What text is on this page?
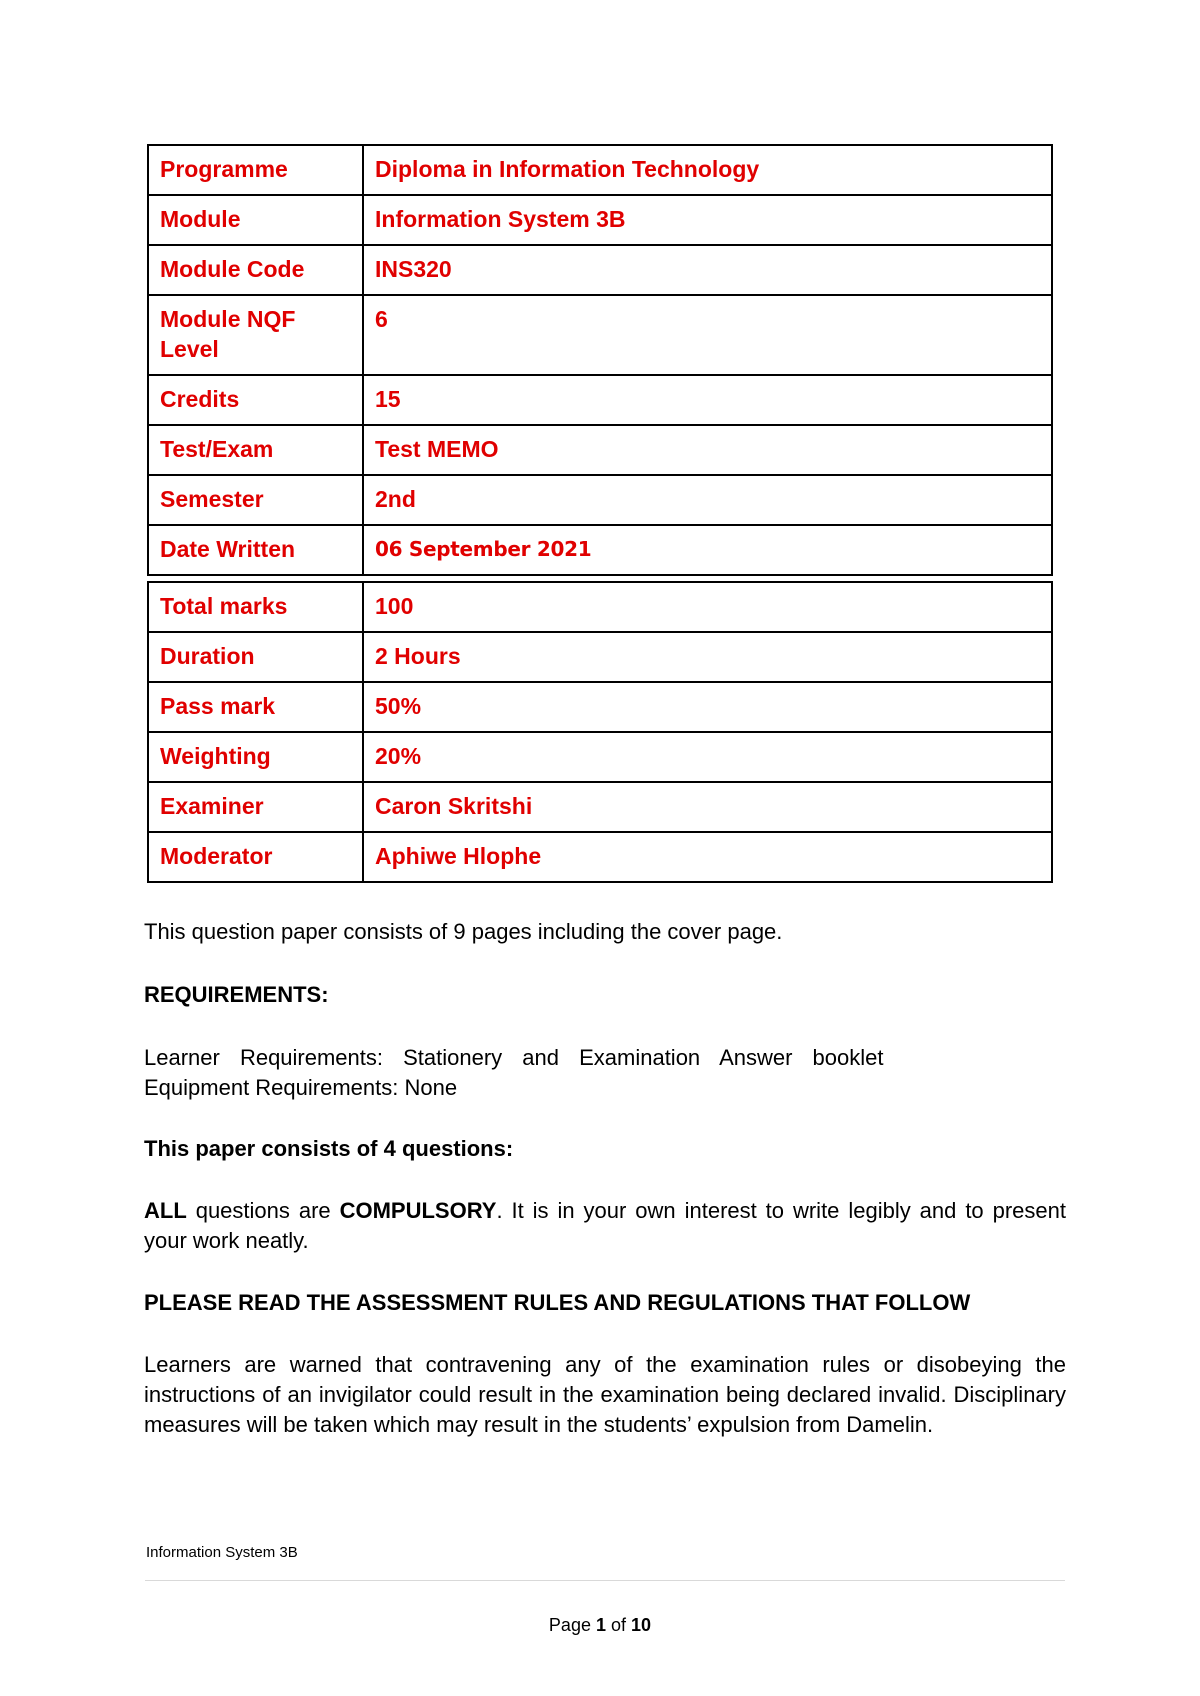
Programme	Diploma in Information Technology
Module	Information System 3B
Module Code	INS320
Module NQF Level	6
Credits	15
Test/Exam	Test MEMO
Semester	2nd
Date Written	06 September 2021
Total marks	100
Duration	2 Hours
Pass mark	50%
Weighting	20%
Examiner	Caron Skritshi
Moderator	Aphiwe Hlophe

This question paper consists of 9 pages including the cover page.

REQUIREMENTS:

Learner Requirements: Stationery and Examination Answer booklet

Equipment Requirements: None

This paper consists of 4 questions:

ALL questions are COMPULSORY. It is in your own interest to write legibly and to present your work neatly.

PLEASE READ THE ASSESSMENT RULES AND REGULATIONS THAT FOLLOW

Learners are warned that contravening any of the examination rules or disobeying the instructions of an invigilator could result in the examination being declared invalid. Disciplinary measures will be taken which may result in the students’ expulsion from Damelin.

Information System 3B
Page 1 of 10
